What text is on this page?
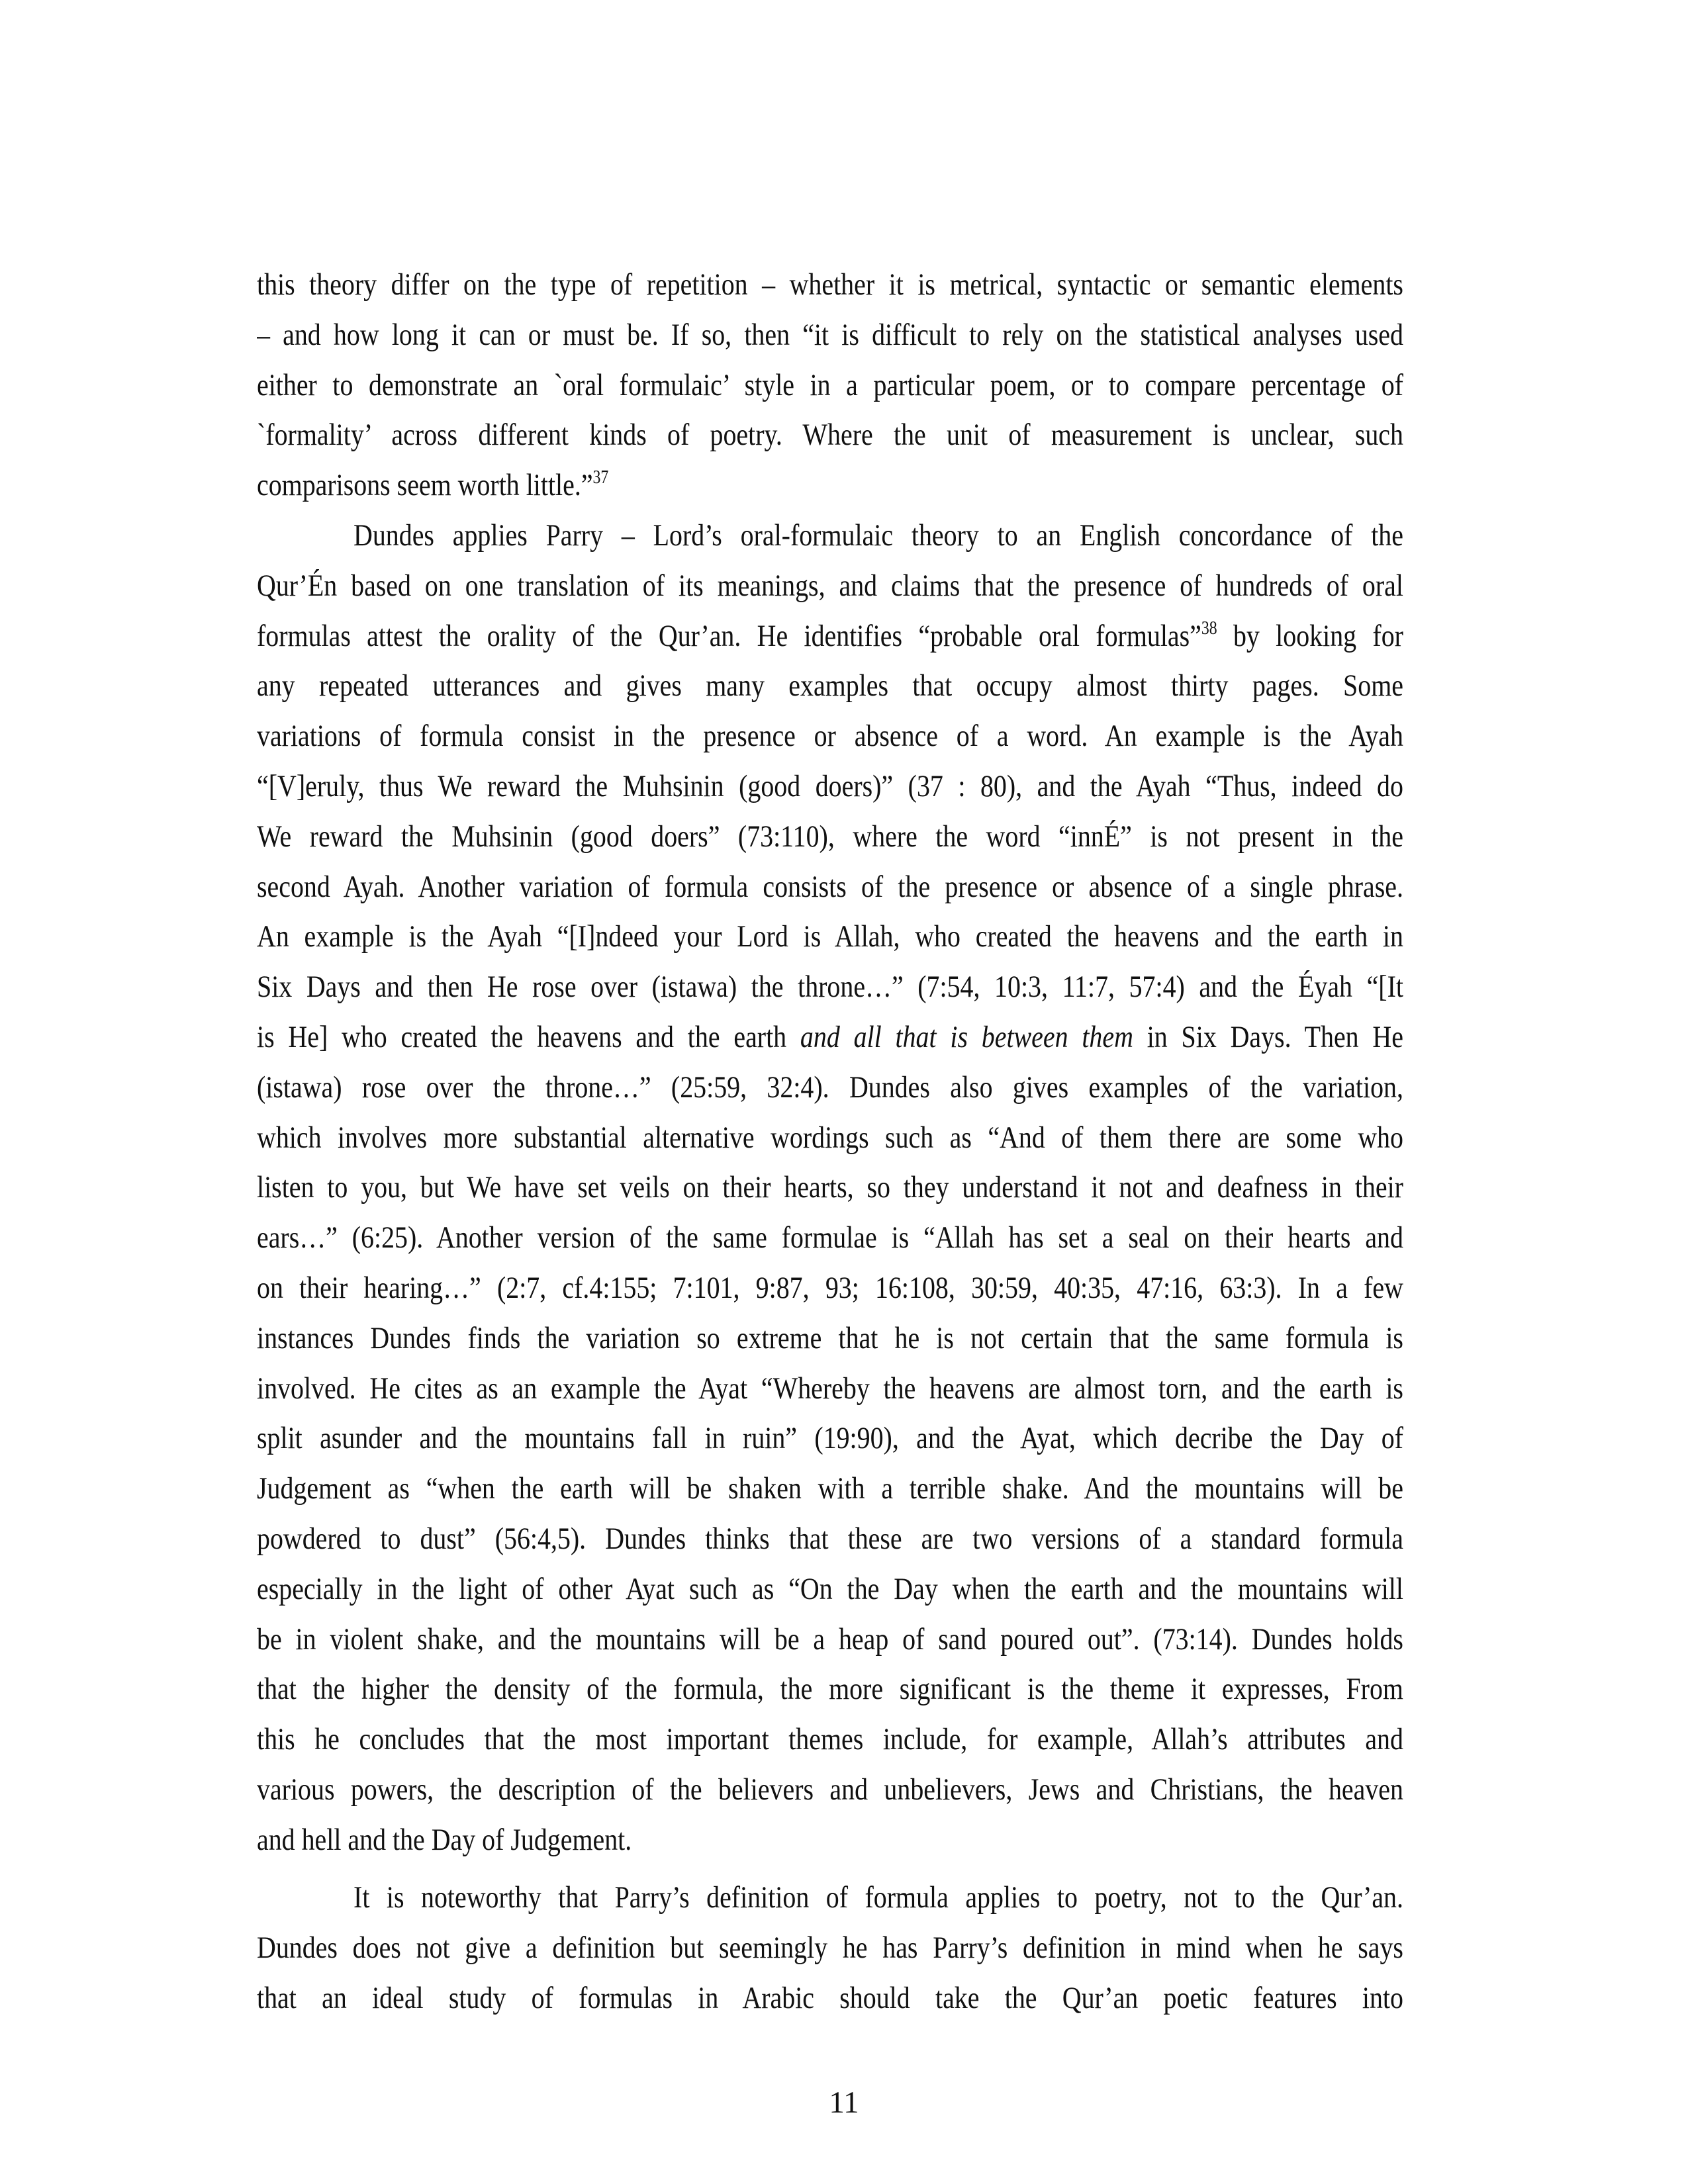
this theory differ on the type of repetition – whether it is metrical, syntactic or semantic elements
– and how long it can or must be. If so, then “it is difficult to rely on the statistical analyses used
either to demonstrate an `oral formulaic’ style in a particular poem, or to compare percentage of
`formality’ across different kinds of poetry. Where the unit of measurement is unclear, such
comparisons seem worth little.”$^{37}$
Dundes applies Parry – Lord’s oral-formulaic theory to an English concordance of the
Qur’Én based on one translation of its meanings, and claims that the presence of hundreds of oral
formulas attest the orality of the Qur’an. He identifies “probable oral formulas”$^{38}$ by looking for
any repeated utterances and gives many examples that occupy almost thirty pages. Some
variations of formula consist in the presence or absence of a word. An example is the Ayah
“[V]eruly, thus We reward the Muhsinin (good doers)” (37 : 80), and the Ayah “Thus, indeed do
We reward the Muhsinin (good doers” (73:110), where the word “innÉ” is not present in the
second Ayah. Another variation of formula consists of the presence or absence of a single phrase.
An example is the Ayah “[I]ndeed your Lord is Allah, who created the heavens and the earth in
Six Days and then He rose over (istawa) the throne…” (7:54, 10:3, 11:7, 57:4) and the Éyah “[It
is He] who created the heavens and the earth and all that is between them in Six Days. Then He
(istawa) rose over the throne…” (25:59, 32:4). Dundes also gives examples of the variation,
which involves more substantial alternative wordings such as “And of them there are some who
listen to you, but We have set veils on their hearts, so they understand it not and deafness in their
ears…” (6:25). Another version of the same formulae is “Allah has set a seal on their hearts and
on their hearing…” (2:7, cf.4:155; 7:101, 9:87, 93; 16:108, 30:59, 40:35, 47:16, 63:3). In a few
instances Dundes finds the variation so extreme that he is not certain that the same formula is
involved. He cites as an example the Ayat “Whereby the heavens are almost torn, and the earth is
split asunder and the mountains fall in ruin” (19:90), and the Ayat, which decribe the Day of
Judgement as “when the earth will be shaken with a terrible shake. And the mountains will be
powdered to dust” (56:4,5). Dundes thinks that these are two versions of a standard formula
especially in the light of other Ayat such as “On the Day when the earth and the mountains will
be in violent shake, and the mountains will be a heap of sand poured out”. (73:14). Dundes holds
that the higher the density of the formula, the more significant is the theme it expresses, From
this he concludes that the most important themes include, for example, Allah’s attributes and
various powers, the description of the believers and unbelievers, Jews and Christians, the heaven
and hell and the Day of Judgement.
It is noteworthy that Parry’s definition of formula applies to poetry, not to the Qur’an.
Dundes does not give a definition but seemingly he has Parry’s definition in mind when he says
that an ideal study of formulas in Arabic should take the Qur’an poetic features into
11
